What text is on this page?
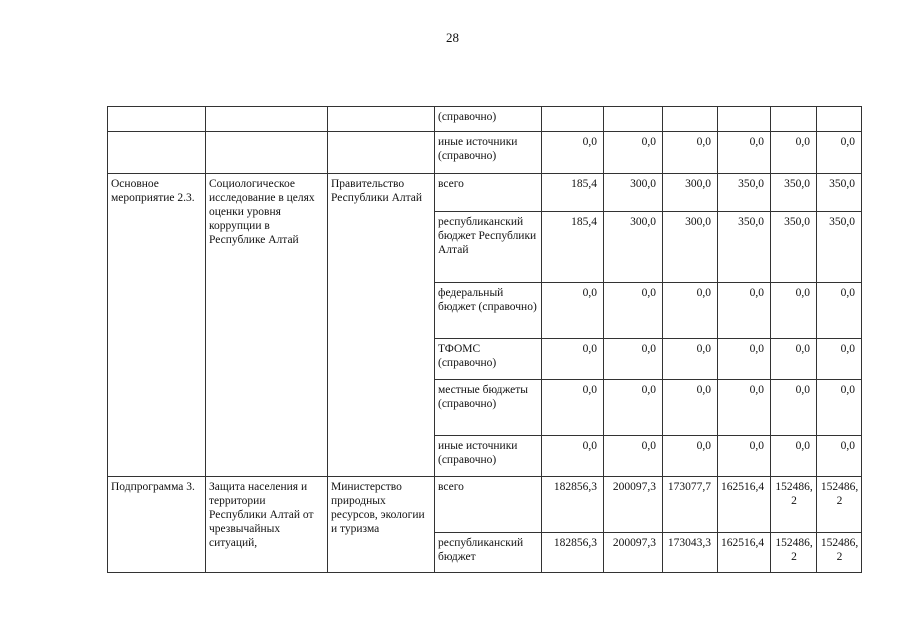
28
			(справочно)						
			иные источники (справочно)	0,0	0,0	0,0	0,0	0,0	0,0
Основное мероприятие 2.3.	Социологическое исследование в целях оценки уровня коррупции в Республике Алтай	Правительство Республики Алтай	всего	185,4	300,0	300,0	350,0	350,0	350,0
			республиканский бюджет Республики Алтай	185,4	300,0	300,0	350,0	350,0	350,0
			федеральный бюджет (справочно)	0,0	0,0	0,0	0,0	0,0	0,0
			ТФОМС (справочно)	0,0	0,0	0,0	0,0	0,0	0,0
			местные бюджеты (справочно)	0,0	0,0	0,0	0,0	0,0	0,0
			иные источники (справочно)	0,0	0,0	0,0	0,0	0,0	0,0
Подпрограмма 3.	Защита населения и территории Республики Алтай от чрезвычайных ситуаций,	Министерство природных ресурсов, экологии и туризма	всего	182856,3	200097,3	173077,7	162516,4	152486,2	152486,2
			республиканский бюджет	182856,3	200097,3	173043,3	162516,4	152486,2	152486,2
